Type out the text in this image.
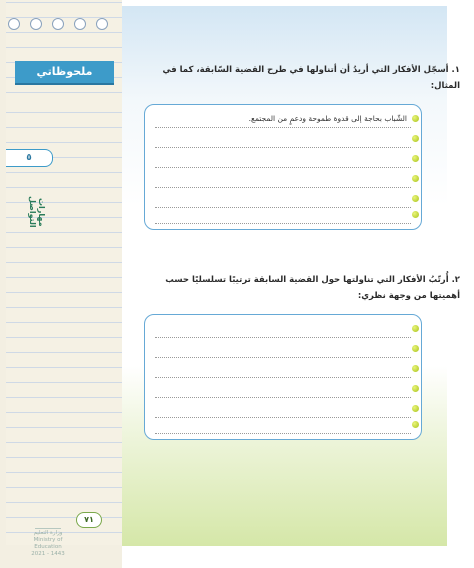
ملحوظاتي
٥
مهارات التواصل
٧١
وزارة التعليم
Ministry of Education
2021 - 1443
١. أسجّل الأفكار التي أريدُ أن أتناولها في طرح القضية السّابقة، كما في المثال:
الشّباب بحاجة إلى قدوة طموحة ودعمٍ من المجتمع.
٢. أُرتّبُ الأفكار التي تناولتها حول القضية السابقة ترتيبًا تسلسليًا حسب أهميتها من وجهة نظري:
